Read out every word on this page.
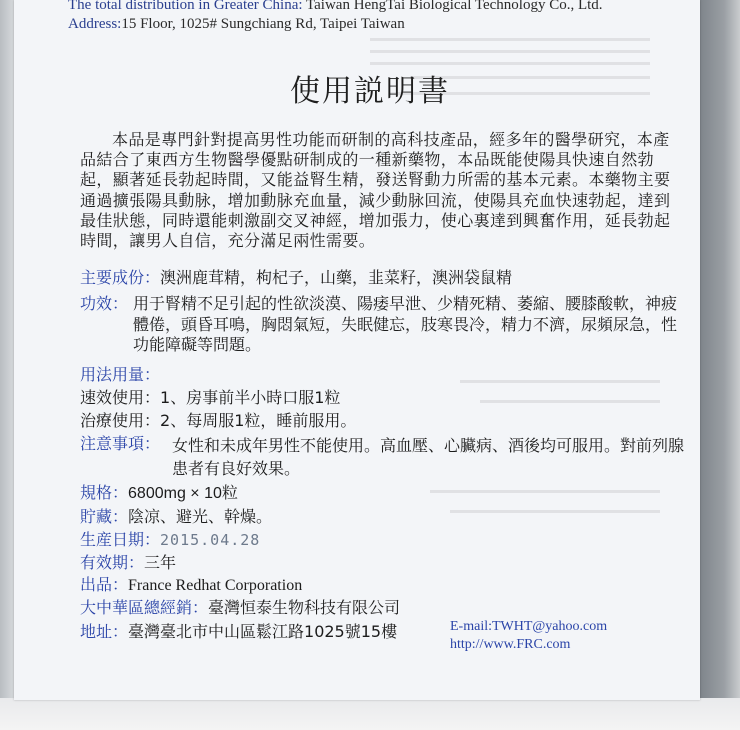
The total distribution in Greater China: Taiwan HengTai Biological Technology Co., Ltd.
Address:15 Floor, 1025# Sungchiang Rd, Taipei Taiwan
使用説明書
本品是專門針對提高男性功能而研制的高科技產品，經多年的醫學研究，本產品結合了東西方生物醫學優點研制成的一種新藥物，本品既能使陽具快速自然勃起，顯著延長勃起時間，又能益腎生精，發送腎動力所需的基本元素。本藥物主要通過擴張陽具動脉，增加動脉充血量，減少動脉回流，使陽具充血快速勃起，達到最佳狀態，同時還能刺激副交叉神經，增加張力，使心裏達到興奮作用，延長勃起時間，讓男人自信，充分滿足兩性需要。
主要成份：澳洲鹿茸精，枸杞子，山藥，韭菜籽，澳洲袋鼠精
功效： 用于腎精不足引起的性欲淡漠、陽痿早泄、少精死精、萎縮、腰膝酸軟，神疲體倦，頭昏耳鳴，胸悶氣短，失眠健忘，肢寒畏冷，精力不濟，尿頻尿急，性功能障礙等問題。
用法用量：
速效使用：1、房事前半小時口服1粒
治療使用：2、每周服1粒，睡前服用。
注意事項： 女性和未成年男性不能使用。高血壓、心臟病、酒後均可服用。對前列腺患者有良好效果。
規格：6800mg × 10粒
貯藏：陰凉、避光、幹燥。
生産日期：2015.04.28
有效期：三年
出品：France Redhat Corporation
大中華區總經銷：臺灣恒泰生物科技有限公司
地址：臺灣臺北市中山區鬆江路1025號15樓	E-mail:TWHT@yahoo.com
http://www.FRC.com
